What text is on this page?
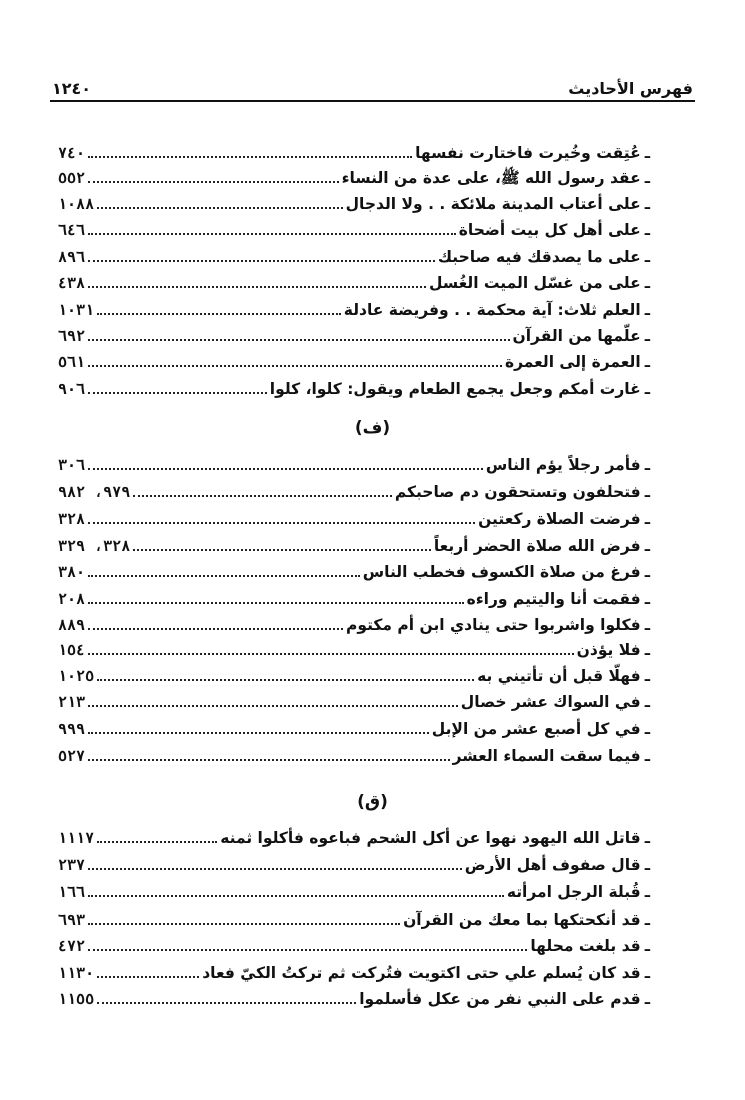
فهرس الأحاديث
١٢٤٠
ـ
عُتِقت وخُيرت فاختارت نفسها
٧٤٠
ـ
عقد رسول الله ﷺ، على عدة من النساء
٥٥٢
ـ
على أعتاب المدينة ملائكة . . ولا الدجال
١٠٨٨
ـ
على أهل كل بيت أضحاة
٦٤٦
ـ
على ما يصدقك فيه صاحبك
٨٩٦
ـ
على من غسّل الميت الغُسل
٤٣٨
ـ
العلم ثلاث: آية محكمة . . وفريضة عادلة
١٠٣١
ـ
علّمها من القرآن
٦٩٢
ـ
العمرة إلى العمرة
٥٦١
ـ
غارت أمكم وجعل يجمع الطعام ويقول: كلوا، كلوا
٩٠٦
(ف)
ـ
فأمر رجلاً يؤم الناس
٣٠٦
ـ
فتحلفون وتستحقون دم صاحبكم
٩٧٩، ٩٨٢
ـ
فرضت الصلاة ركعتين
٣٢٨
ـ
فرض الله صلاة الحضر أربعاً
٣٢٨، ٣٢٩
ـ
فرغ من صلاة الكسوف فخطب الناس
٣٨٠
ـ
فقمت أنا واليتيم وراءه
٢٠٨
ـ
فكلوا واشربوا حتى ينادي ابن أم مكتوم
٨٨٩
ـ
فلا يؤذن
١٥٤
ـ
فهلّا قبل أن تأتيني به
١٠٢٥
ـ
في السواك عشر خصال
٢١٣
ـ
في كل أصبع عشر من الإبل
٩٩٩
ـ
فيما سقت السماء العشر
٥٢٧
(ق)
ـ
قاتل الله اليهود نهوا عن أكل الشحم فباعوه فأكلوا ثمنه
١١١٧
ـ
قال صفوف أهل الأرض
٢٣٧
ـ
قُبلة الرجل امرأته
١٦٦
ـ
قد أنكحتكها بما معك من القرآن
٦٩٣
ـ
قد بلغت محلها
٤٧٢
ـ
قد كان يُسلم علي حتى اكتويت فتُركت ثم تركتُ الكيّ فعاد
١١٣٠
ـ
قدم على النبي نفر من عكل فأسلموا
١١٥٥
